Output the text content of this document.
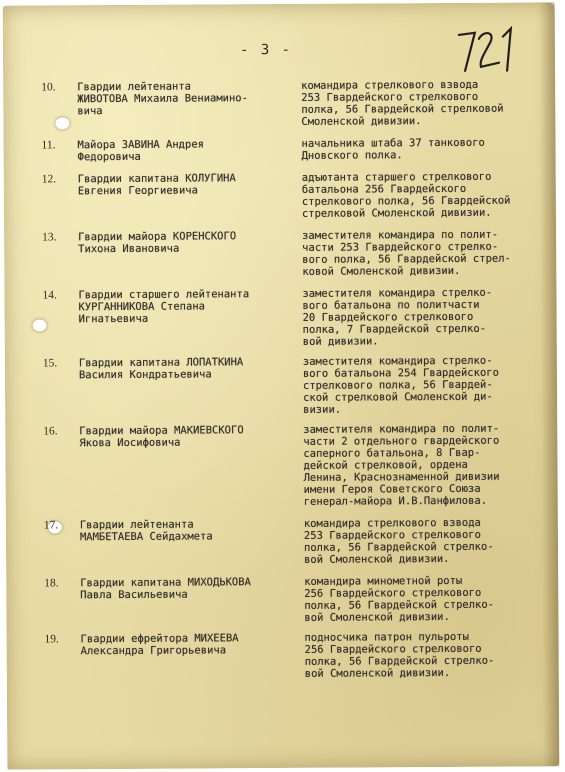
- 3 -
10. Гвардии лейтенанта
ЖИВОТОВА Михаила Вениамино-
вича
командира стрелкового взвода
253 Гвардейского стрелкового
полка, 56 Гвардейской стрелковой
Смоленской дивизии.
11. Майора ЗАВИНА Андрея
Федоровича
начальника штаба 37 танкового
Дновского полка.
12. Гвардии капитана КОЛУГИНА
Евгения Георгиевича
адъютанта старшего стрелкового
батальона 256 Гвардейского
стрелкового полка, 56 Гвардейской
стрелковой Смоленской дивизии.
13. Гвардии майора КОРЕНСКОГО
Тихона Ивановича
заместителя командира по полит-
части 253 Гвардейского стрелко-
вого полка, 56 Гвардейской стрел-
ковой Смоленской дивизии.
14. Гвардии старшего лейтенанта
КУРГАННИКОВА Степана
Игнатьевича
заместителя командира стрелко-
вого батальона по политчасти
20 Гвардейского стрелкового
полка, 7 Гвардейской стрелко-
вой дивизии.
15. Гвардии капитана ЛОПАТКИНА
Василия Кондратьевича
заместителя командира стрелко-
вого батальона 254 Гвардейского
стрелкового полка, 56 Гвардей-
ской стрелковой Смоленской ди-
визии.
16. Гвардии майора МАКИЕВСКОГО
Якова Иосифовича
заместителя командира по полит-
части 2 отдельного гвардейского
саперного батальона, 8 Гвар-
дейской стрелковой, ордена
Ленина, Краснознаменной дивизии
имени Героя Советского Союза
генерал-майора И.В.Панфилова.
17. Гвардии лейтенанта
МАМБЕТАЕВА Сейдахмета
командира стрелкового взвода
253 Гвардейского стрелкового
полка, 56 Гвардейской стрелко-
вой Смоленской дивизии.
18. Гвардии капитана МИХОДЬКОВА
Павла Васильевича
командира минометной роты
256 Гвардейского стрелкового
полка, 56 Гвардейской стрелко-
вой Смоленской дивизии.
19. Гвардии ефрейтора МИХЕЕВА
Александра Григорьевича
подносчика патрон пульроты
256 Гвардейского стрелкового
полка, 56 Гвардейской стрелко-
вой Смоленской дивизии.
